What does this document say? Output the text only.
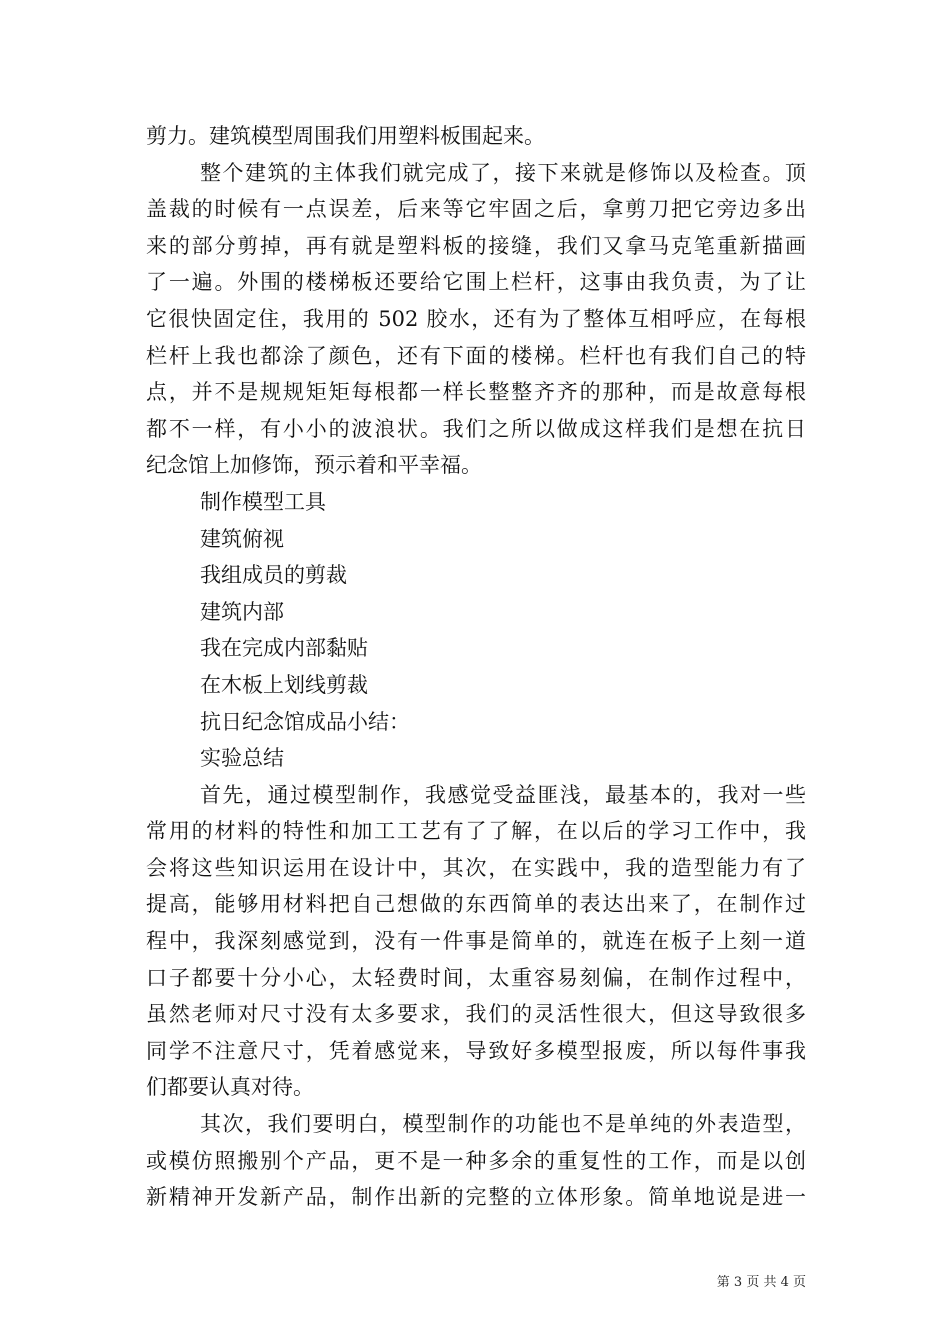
剪力。建筑模型周围我们用塑料板围起来。
整个建筑的主体我们就完成了，接下来就是修饰以及检查。顶
盖裁的时候有一点误差，后来等它牢固之后，拿剪刀把它旁边多出
来的部分剪掉，再有就是塑料板的接缝，我们又拿马克笔重新描画
了一遍。外围的楼梯板还要给它围上栏杆，这事由我负责，为了让
它很快固定住，我用的 502 胶水，还有为了整体互相呼应，在每根
栏杆上我也都涂了颜色，还有下面的楼梯。栏杆也有我们自己的特
点，并不是规规矩矩每根都一样长整整齐齐的那种，而是故意每根
都不一样，有小小的波浪状。我们之所以做成这样我们是想在抗日
纪念馆上加修饰，预示着和平幸福。
制作模型工具
建筑俯视
我组成员的剪裁
建筑内部
我在完成内部黏贴
在木板上划线剪裁
抗日纪念馆成品小结：
实验总结
首先，通过模型制作，我感觉受益匪浅，最基本的，我对一些
常用的材料的特性和加工工艺有了了解，在以后的学习工作中，我
会将这些知识运用在设计中，其次，在实践中，我的造型能力有了
提高，能够用材料把自己想做的东西简单的表达出来了，在制作过
程中，我深刻感觉到，没有一件事是简单的，就连在板子上刻一道
口子都要十分小心，太轻费时间，太重容易刻偏，在制作过程中，
虽然老师对尺寸没有太多要求，我们的灵活性很大，但这导致很多
同学不注意尺寸，凭着感觉来，导致好多模型报废，所以每件事我
们都要认真对待。
其次，我们要明白，模型制作的功能也不是单纯的外表造型，
或模仿照搬别个产品，更不是一种多余的重复性的工作，而是以创
新精神开发新产品，制作出新的完整的立体形象。简单地说是进一
第 3 页 共 4 页
